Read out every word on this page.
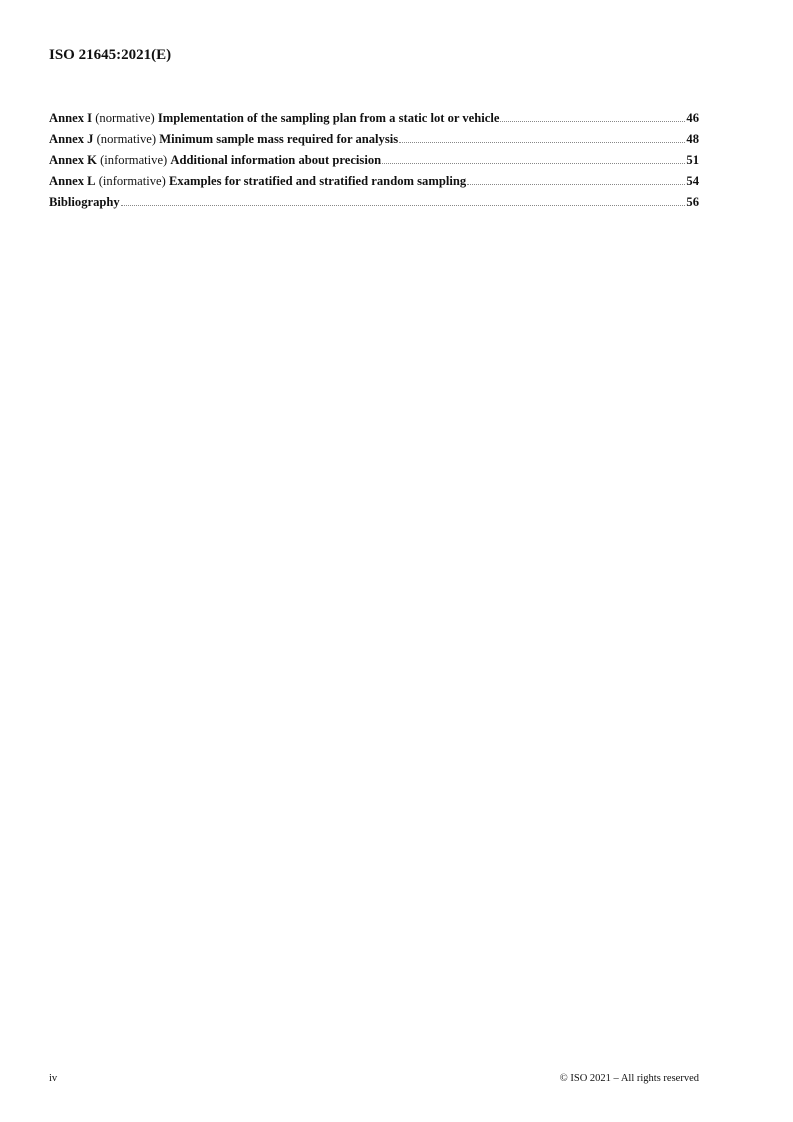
ISO 21645:2021(E)
Annex I (normative) Implementation of the sampling plan from a static lot or vehicle	46
Annex J (normative) Minimum sample mass required for analysis	48
Annex K (informative) Additional information about precision	51
Annex L (informative) Examples for stratified and stratified random sampling	54
Bibliography	56
iv	© ISO 2021 – All rights reserved
